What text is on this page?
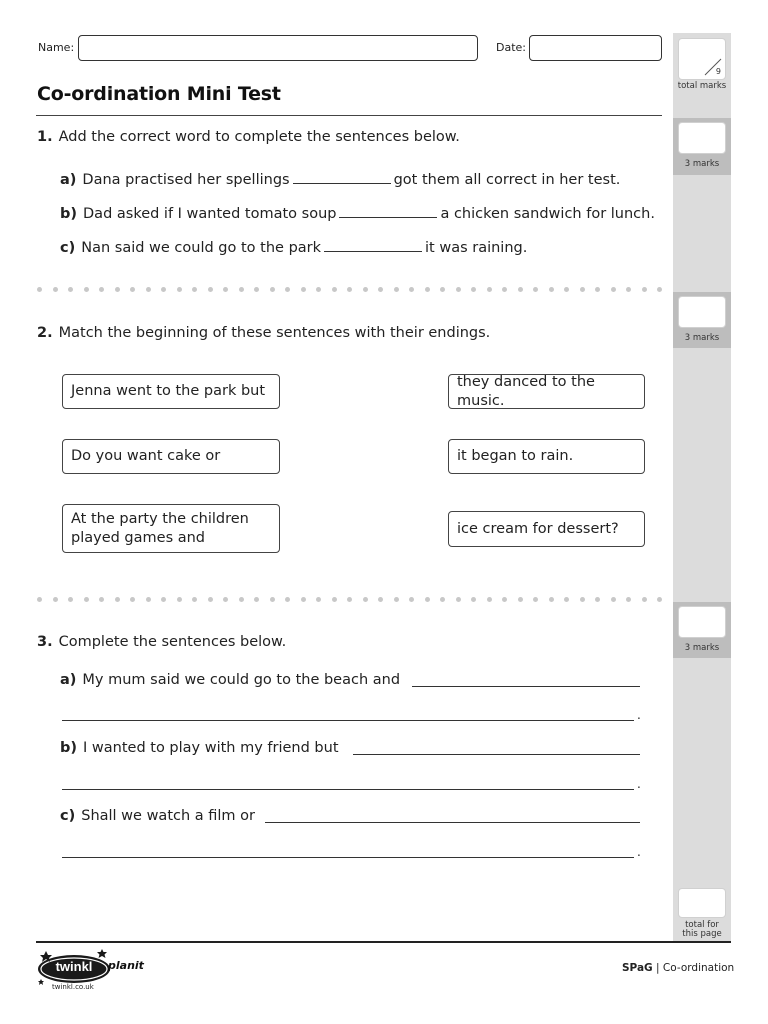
Name:	Date:
Co-ordination Mini Test
9
total marks
3 marks
3 marks
3 marks
total for
this page
1. Add the correct word to complete the sentences below.
a) Dana practised her spellings	got them all correct in her test.
b) Dad asked if I wanted tomato soup	a chicken sandwich for lunch.
c) Nan said we could go to the park	it was raining.
2. Match the beginning of these sentences with their endings.
Jenna went to the park but
Do you want cake or
At the party the children played games and
they danced to the music.
it began to rain.
ice cream for dessert?
3. Complete the sentences below.
a) My mum said we could go to the beach and
.
b) I wanted to play with my friend but
.
c) Shall we watch a film or
.
twinkl	planit
twinkl.co.uk
SPaG | Co-ordination
